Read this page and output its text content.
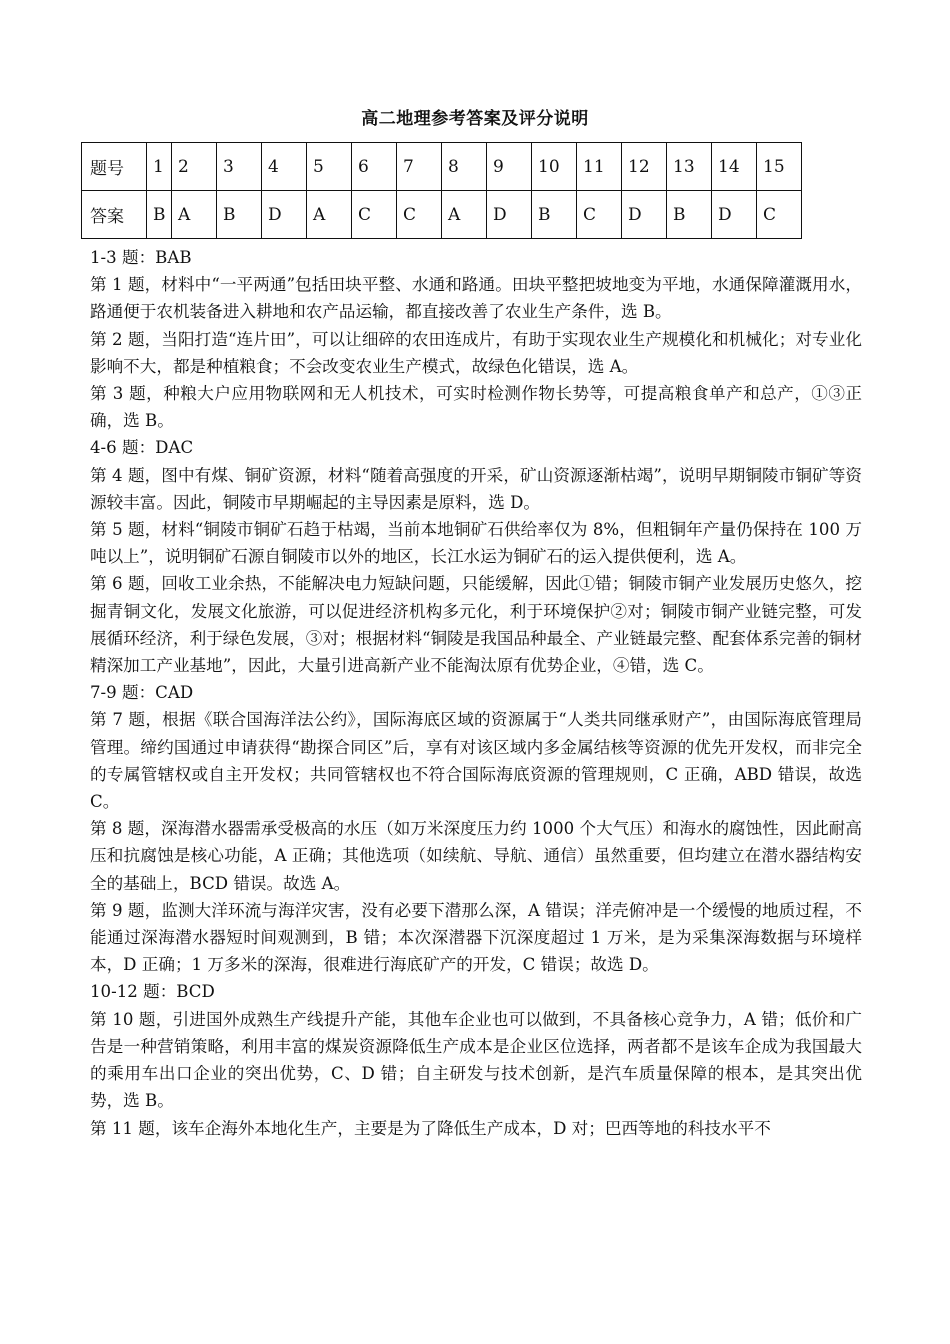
高二地理参考答案及评分说明
题号	1	2	3	4	5	6	7	8	9	10	11	12	13	14	15
答案	B	A	B	D	A	C	C	A	D	B	C	D	B	D	C

1-3 题：BAB

第 1 题，材料中“一平两通”包括田块平整、水通和路通。田块平整把坡地变为平地，水通保障灌溉用水，路通便于农机装备进入耕地和农产品运输，都直接改善了农业生产条件，选 B。

第 2 题，当阳打造“连片田”，可以让细碎的农田连成片，有助于实现农业生产规模化和机械化；对专业化影响不大，都是种植粮食；不会改变农业生产模式，故绿色化错误，选 A。

第 3 题，种粮大户应用物联网和无人机技术，可实时检测作物长势等，可提高粮食单产和总产，①③正确，选 B。

4-6 题：DAC

第 4 题，图中有煤、铜矿资源，材料“随着高强度的开采，矿山资源逐渐枯竭”，说明早期铜陵市铜矿等资源较丰富。因此，铜陵市早期崛起的主导因素是原料，选 D。

第 5 题，材料“铜陵市铜矿石趋于枯竭，当前本地铜矿石供给率仅为 8%，但粗铜年产量仍保持在 100 万吨以上”，说明铜矿石源自铜陵市以外的地区，长江水运为铜矿石的运入提供便利，选 A。

第 6 题，回收工业余热，不能解决电力短缺问题，只能缓解，因此①错；铜陵市铜产业发展历史悠久，挖掘青铜文化，发展文化旅游，可以促进经济机构多元化，利于环境保护②对；铜陵市铜产业链完整，可发展循环经济，利于绿色发展，③对；根据材料“铜陵是我国品种最全、产业链最完整、配套体系完善的铜材精深加工产业基地”，因此，大量引进高新产业不能淘汰原有优势企业，④错，选 C。

7-9 题：CAD

第 7 题，根据《联合国海洋法公约》，国际海底区域的资源属于“人类共同继承财产”，由国际海底管理局管理。缔约国通过申请获得“勘探合同区”后，享有对该区域内多金属结核等资源的优先开发权，而非完全的专属管辖权或自主开发权；共同管辖权也不符合国际海底资源的管理规则，C 正确，ABD 错误，故选 C。

第 8 题，深海潜水器需承受极高的水压（如万米深度压力约 1000 个大气压）和海水的腐蚀性，因此耐高压和抗腐蚀是核心功能，A 正确；其他选项（如续航、导航、通信）虽然重要，但均建立在潜水器结构安全的基础上，BCD 错误。故选 A。

第 9 题，监测大洋环流与海洋灾害，没有必要下潜那么深，A 错误；洋壳俯冲是一个缓慢的地质过程，不能通过深海潜水器短时间观测到，B 错；本次深潜器下沉深度超过 1 万米，是为采集深海数据与环境样本，D 正确；1 万多米的深海，很难进行海底矿产的开发，C 错误；故选 D。

10-12 题：BCD

第 10 题，引进国外成熟生产线提升产能，其他车企业也可以做到，不具备核心竞争力，A 错；低价和广告是一种营销策略，利用丰富的煤炭资源降低生产成本是企业区位选择，两者都不是该车企成为我国最大的乘用车出口企业的突出优势，C、D 错；自主研发与技术创新，是汽车质量保障的根本，是其突出优势，选 B。

第 11 题，该车企海外本地化生产，主要是为了降低生产成本，D 对；巴西等地的科技水平不
